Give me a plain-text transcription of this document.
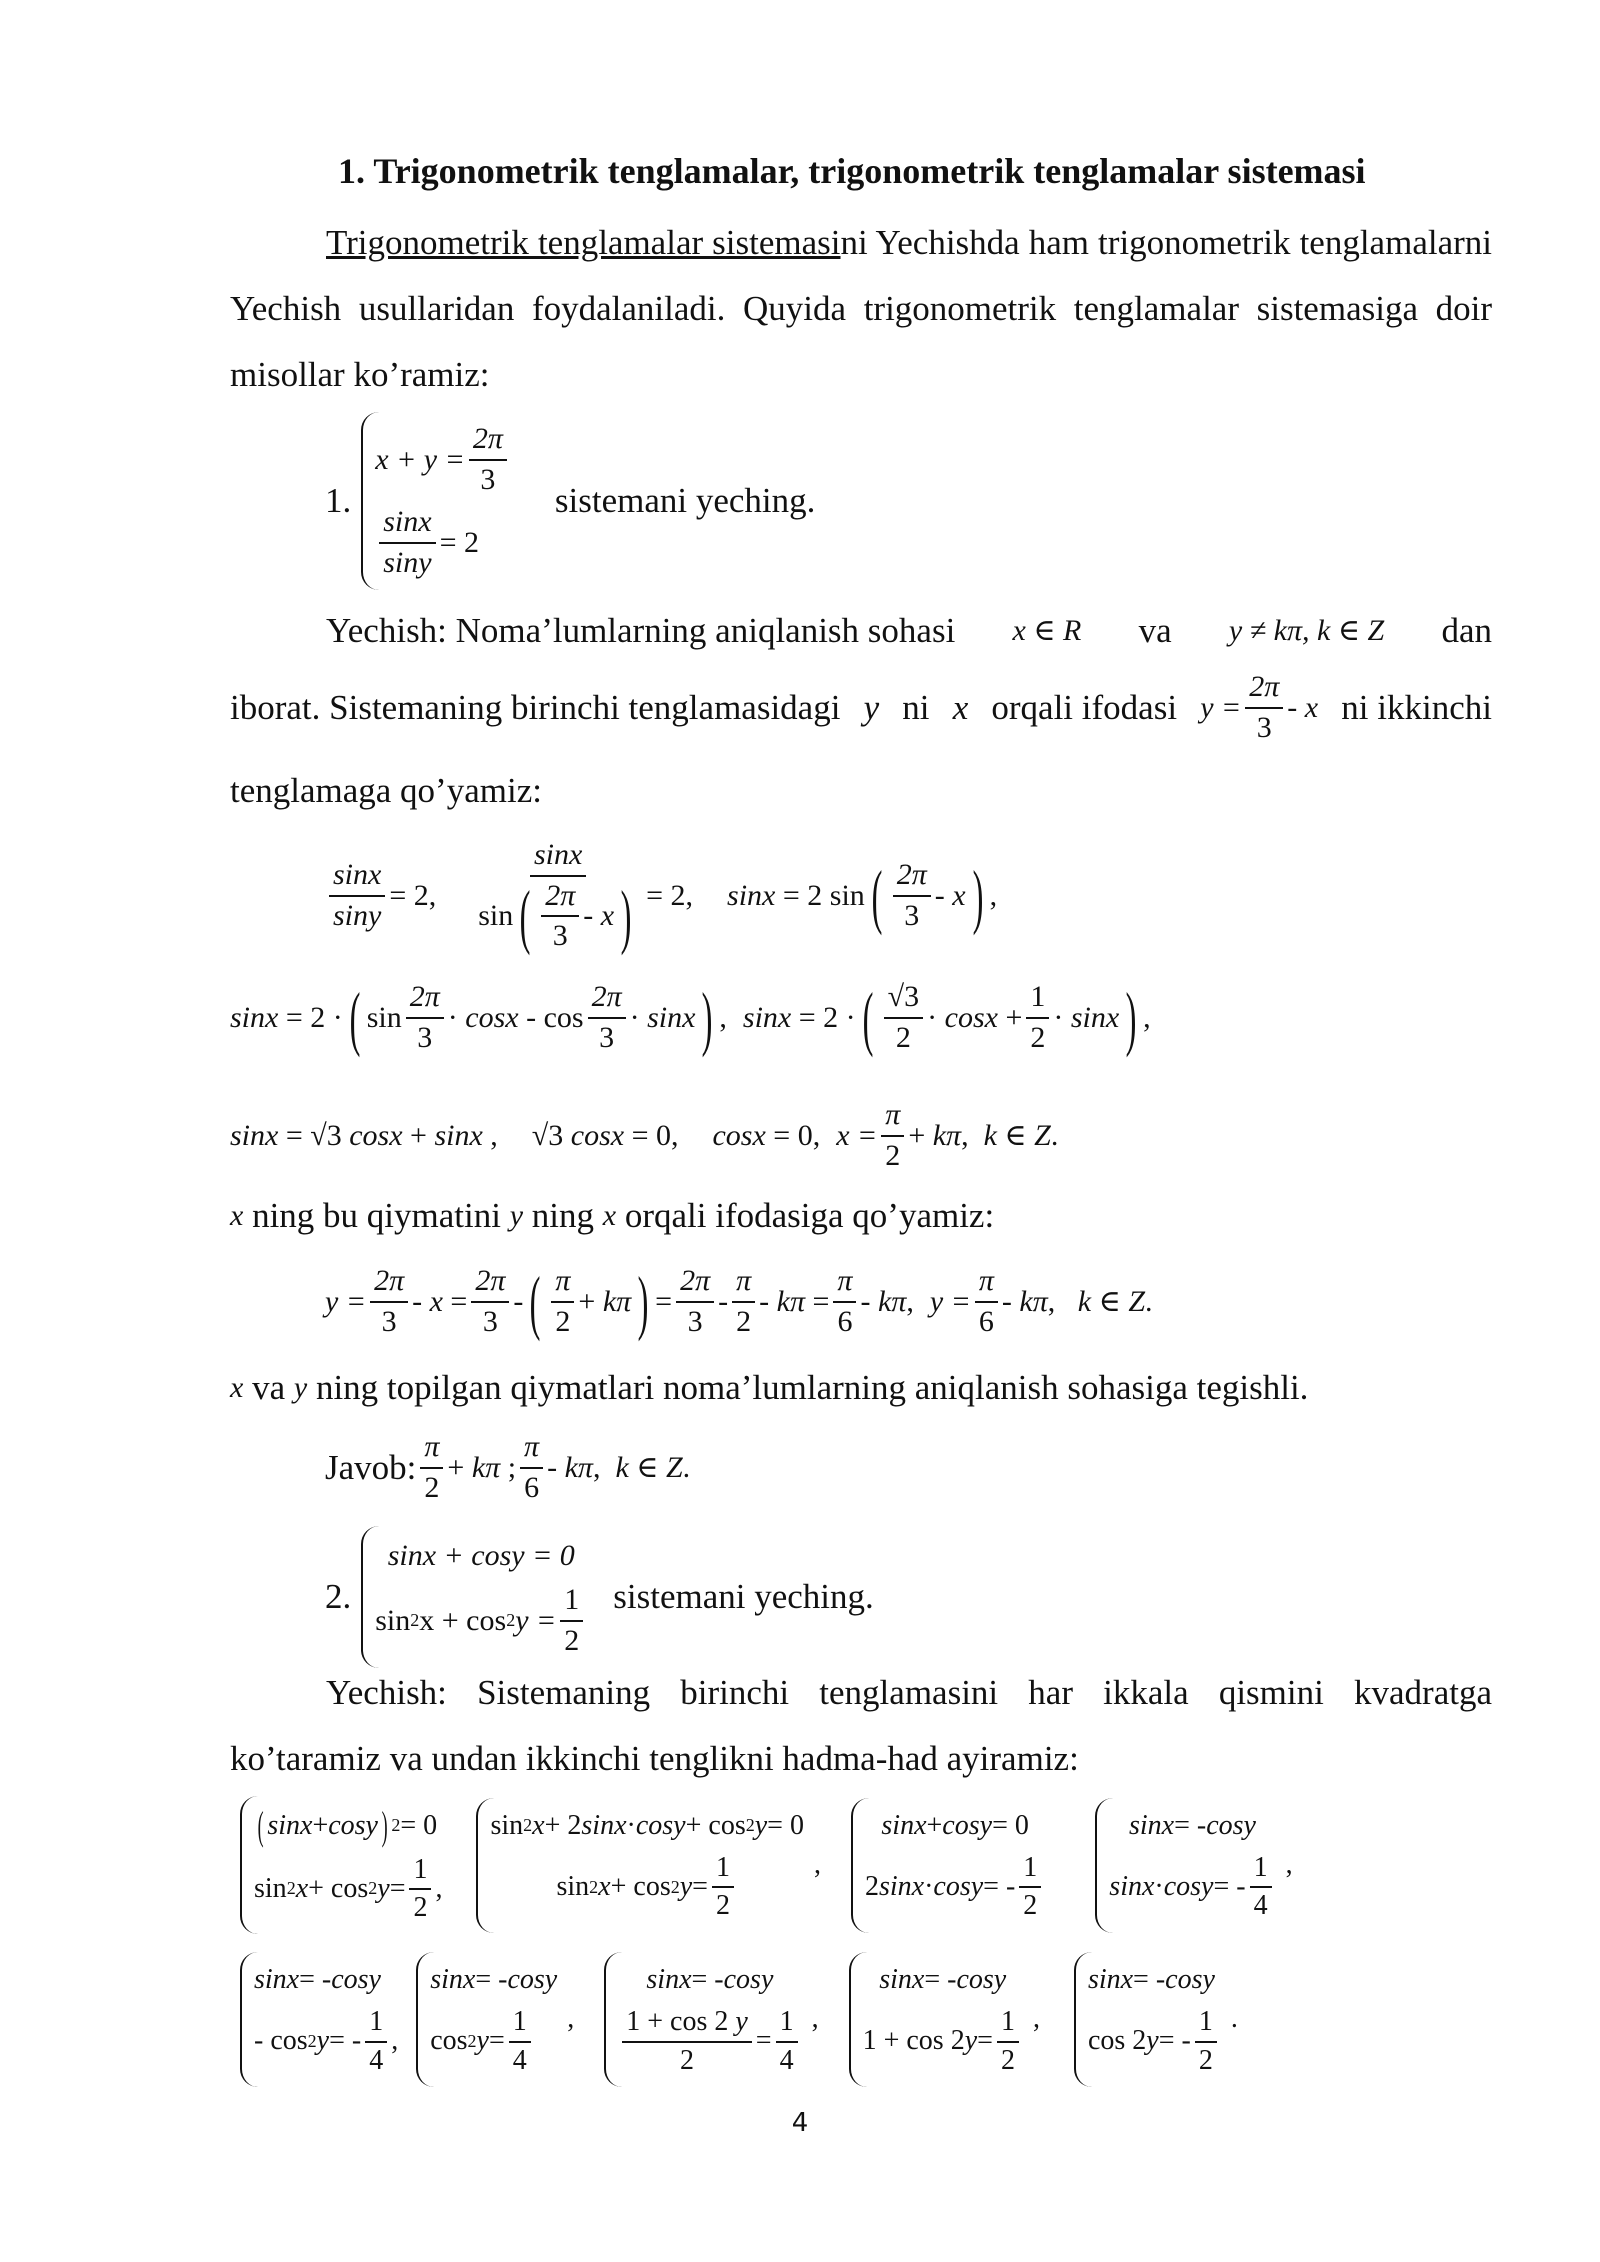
1. Trigonometrik tenglamalar, trigonometrik tenglamalar sistemasi

Trigonometrik tenglamalar sistemasini Yechishda ham trigonometrik tenglamalarni Yechish usullaridan foydalaniladi. Quyida trigonometrik tenglamalar sistemasiga doir misollar ko’ramiz:

1.
$x + y = \frac{2\pi}{3}$
$\frac{\sin x}{\sin y} = 2$
sistemani yeching.
Yechish: Noma’lumlarning aniqlanish sohasi x ∈ R va y ≠ kπ, k ∈ Z dan
iborat. Sistemaning birinchi tenglamasidagi y ni x orqali ifodasi $y = \frac{2\pi}{3} - x$ ni ikkinchi

tenglamaga qo’yamiz:

$\frac{\sin x}{\sin y} = 2$, $\frac{\sin x}{\sin ( \frac{2\pi}{3} - x )} = 2$ , sinx = 2 sin ( $\frac{2\pi}{3}$ - x ) ,
sinx = 2 · ( $\sin \frac{2\pi}{3} \cdot \cos x - \cos \frac{2\pi}{3} \cdot \sin x$ ) , sinx = 2 · ( $\frac{√3}{2} \cdot \cos x + \frac{1}{2} \cdot \sin x$ ) ,
sinx = √3 cosx + sinx , √3 cosx = 0, cosx = 0, $x = \frac{\pi}{2} + k\pi$,  k ∈ Z.
x
ning bu qiymatini
y
ning
x
orqali ifodasiga qo’yamiz:
$y = \frac{2\pi}{3} - x = \frac{2\pi}{3}$ - ( $\frac{\pi}{2} + k\pi$ ) = $\frac{2\pi}{3} - \frac{\pi}{2} - k\pi = \frac{\pi}{6} - k\pi$, $y = \frac{\pi}{6} - k\pi$,   k ∈ Z.
x
va
y
ning topilgan qiymatlari noma’lumlarning aniqlanish sohasiga tegishli.
Javob: $\frac{\pi}{2} + k\pi$ ; $\frac{\pi}{6}$ - kπ,  k ∈ Z.
2.
sinx + cosy = 0
sin 2 x + cos 2 $y = \frac{1}{2}$ sistemani yeching.
Yechish: Sistemaning birinchi tenglamasini har ikkala qismini kvadratga

ko’taramiz va undan ikkinchi tenglikni hadma-had ayiramiz:

( sinx + cosy ) 2 = 0
sin 2 x + cos 2 $y = \frac{1}{2}$ ,
sin 2 x + 2 sinx · cosy + cos 2 y = 0
sin 2 x + cos 2 $y = \frac{1}{2}$	,
sinx + cosy = 0
2 sinx · cosy = - $\frac{1}{2}$
sinx = - cosy
sinx · cosy = - $\frac{1}{4}$ ,
sinx = - cosy
- cos 2 y = - $\frac{1}{4}$ ,
sinx = - cosy
cos 2 $y = \frac{1}{4}$ ,
sinx = - cosy
$\frac{1 + \cos 2 y}{2} = \frac{1}{4}$ ,
sinx = - cosy
1 + cos 2 $y = \frac{1}{2}$ ,
sinx = - cosy
cos 2 y = - $\frac{1}{2}$ .
4
